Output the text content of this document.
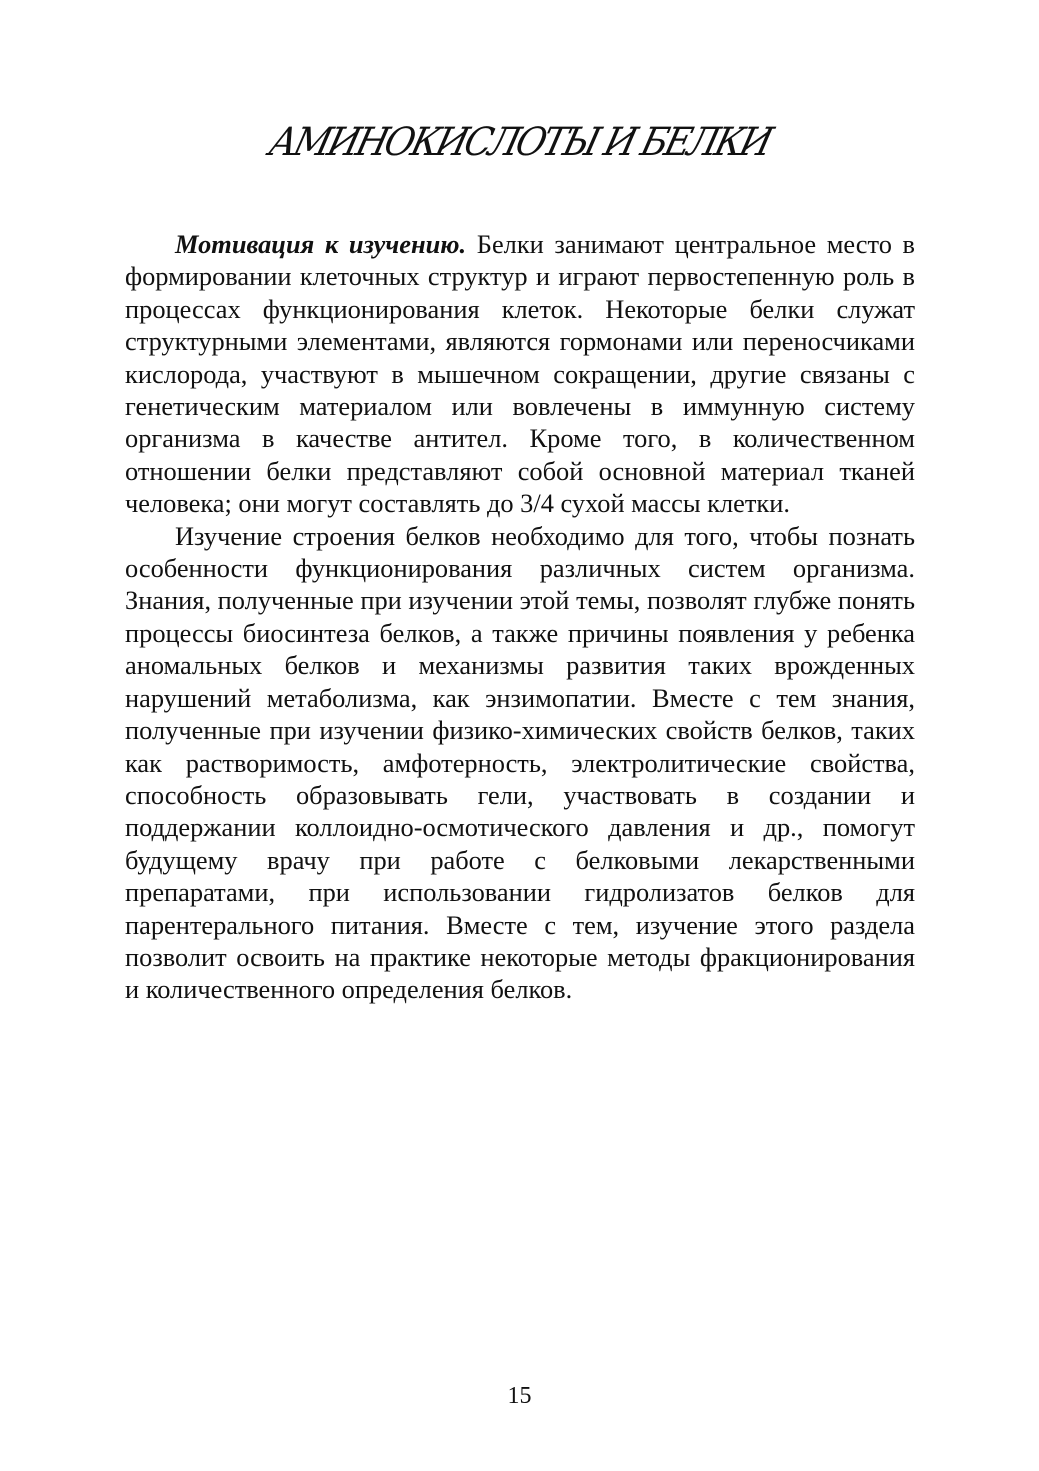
АМИНОКИСЛОТЫ И БЕЛКИ

Мотивация к изучению. Белки занимают центральное место в формировании клеточных структур и играют первостепенную роль в процессах функционирования клеток. Некоторые белки служат структурными элементами, являются гормонами или переносчиками кислорода, участвуют в мышечном сокращении, другие связаны с генетическим материалом или вовлечены в иммунную систему организма в качестве антител. Кроме того, в количественном отношении белки представляют собой основной материал тканей человека; они могут составлять до 3/4 сухой массы клетки.

Изучение строения белков необходимо для того, чтобы познать особенности функционирования различных систем организма. Знания, полученные при изучении этой темы, позволят глубже понять процессы биосинтеза белков, а также причины появления у ребенка аномальных белков и механизмы развития таких врожденных нарушений метаболизма, как энзимопатии. Вместе с тем знания, полученные при изучении физико-химических свойств белков, таких как растворимость, амфотерность, электролитические свойства, способность образовывать гели, участвовать в создании и поддержании коллоидно-осмотического давления и др., помогут будущему врачу при работе с белковыми лекарственными препаратами, при использовании гидролизатов белков для парентерального питания. Вместе с тем, изучение этого раздела позволит освоить на практике некоторые методы фракционирования и количественного определения белков.

15
